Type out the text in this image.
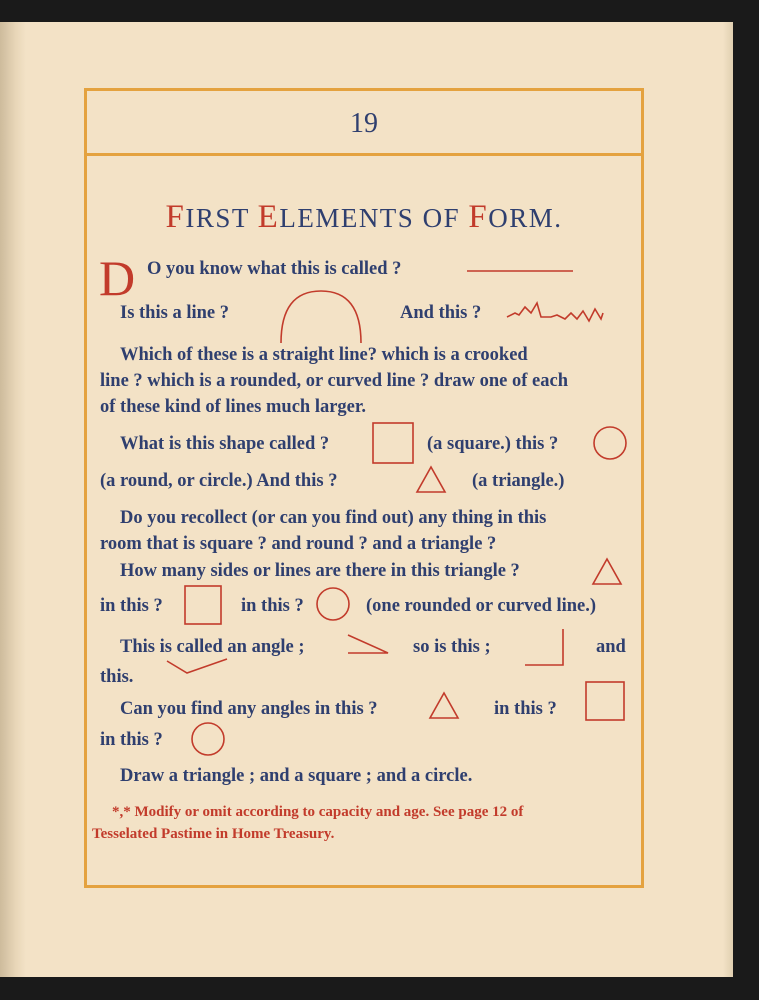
19
FIRST ELEMENTS OF FORM.
D O you know what this is called ?
Is this a line ?	And this ?
Which of these is a straight line? which is a crooked
line ? which is a rounded, or curved line ? draw one of each
of these kind of lines much larger.
What is this shape called ?	(a square.) this ?
(a round, or circle.) And this ?	(a triangle.)
Do you recollect (or can you find out) any thing in this
room that is square ? and round ? and a triangle ?
How many sides or lines are there in this triangle ?
in this ?	in this ?	(one rounded or curved line.)
This is called an angle ;	so is this ;	and
this.
Can you find any angles in this ?	in this ?
in this ?
Draw a triangle ; and a square ; and a circle.
*,* Modify or omit according to capacity and age. See page 12 of
Tesselated Pastime in Home Treasury.
